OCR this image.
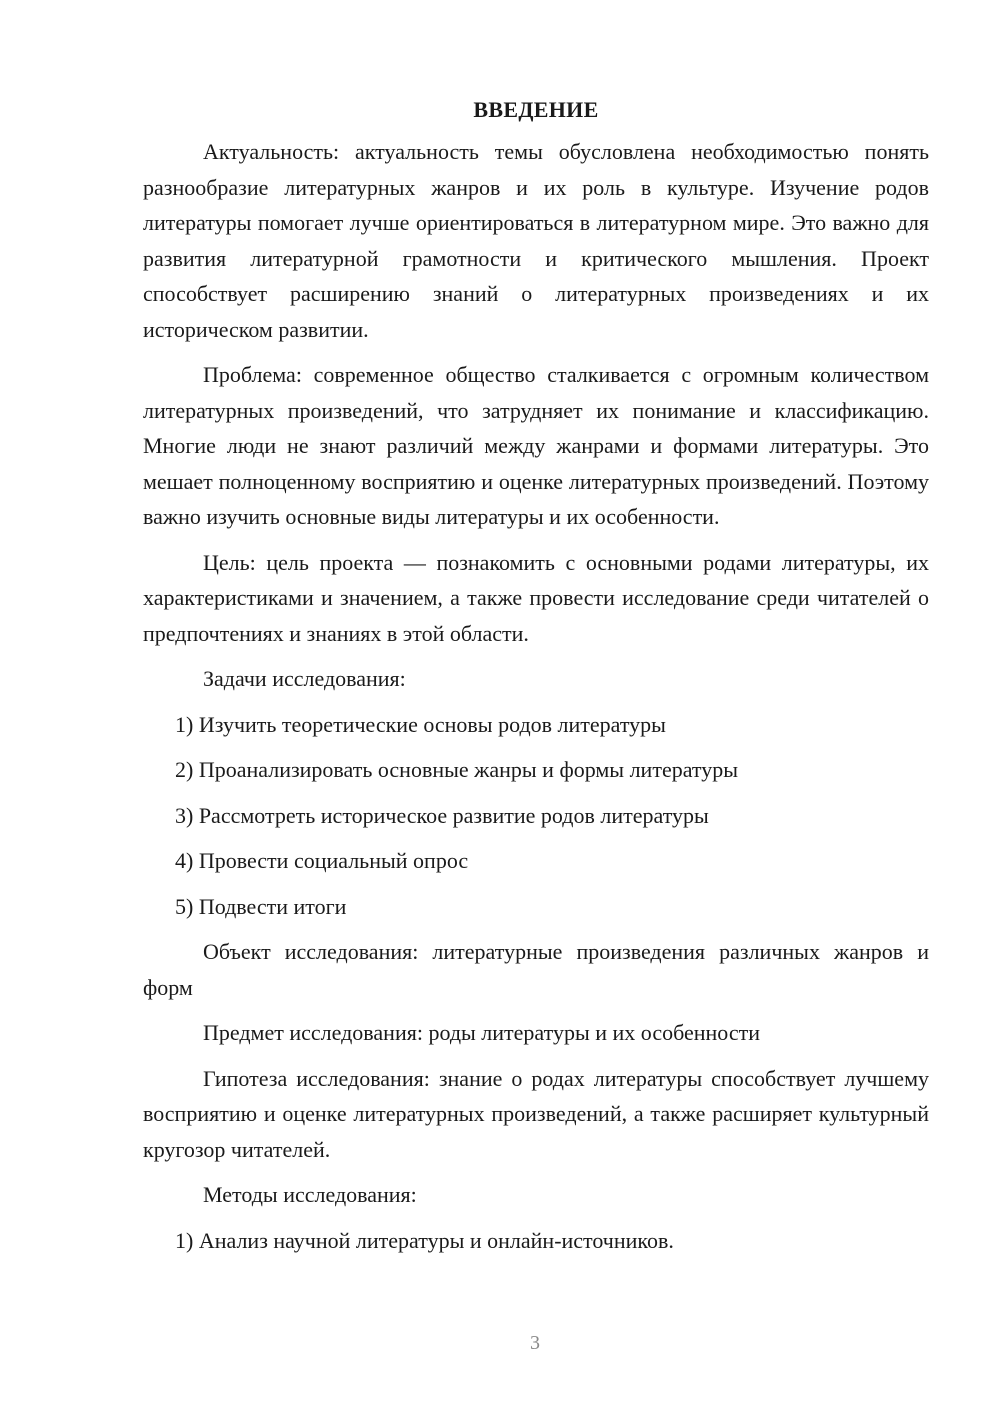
ВВЕДЕНИЕ

Актуальность: актуальность темы обусловлена необходимостью понять разнообразие литературных жанров и их роль в культуре. Изучение родов литературы помогает лучше ориентироваться в литературном мире. Это важно для развития литературной грамотности и критического мышления. Проект способствует расширению знаний о литературных произведениях и их историческом развитии.

Проблема: современное общество сталкивается с огромным количеством литературных произведений, что затрудняет их понимание и классификацию. Многие люди не знают различий между жанрами и формами литературы. Это мешает полноценному восприятию и оценке литературных произведений. Поэтому важно изучить основные виды литературы и их особенности.

Цель: цель проекта — познакомить с основными родами литературы, их характеристиками и значением, а также провести исследование среди читателей о предпочтениях и знаниях в этой области.

Задачи исследования:

1) Изучить теоретические основы родов литературы
2) Проанализировать основные жанры и формы литературы
3) Рассмотреть историческое развитие родов литературы
4) Провести социальный опрос
5) Подвести итоги

Объект исследования: литературные произведения различных жанров и форм

Предмет исследования: роды литературы и их особенности

Гипотеза исследования: знание о родах литературы способствует лучшему восприятию и оценке литературных произведений, а также расширяет культурный кругозор читателей.

Методы исследования:

1) Анализ научной литературы и онлайн-источников.
3
